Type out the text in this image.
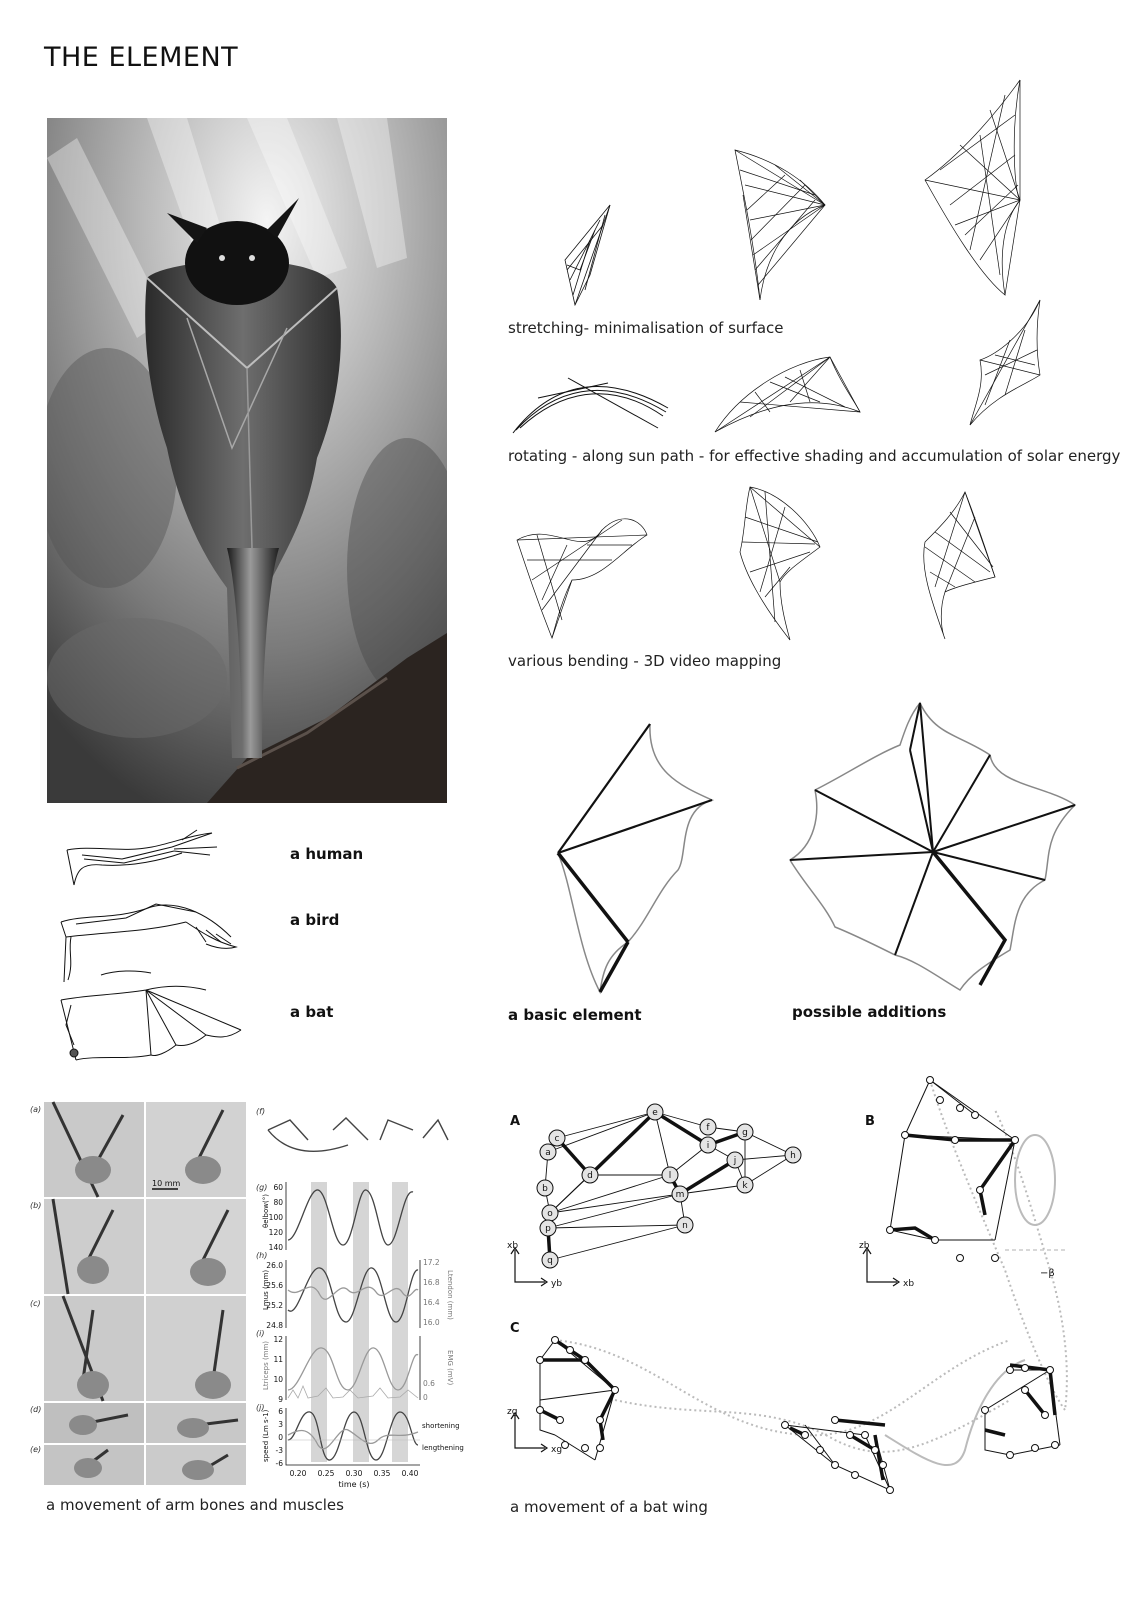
THE ELEMENT
stretching- minimalisation of surface
rotating - along sun path - for effective shading and accumulation of solar energy
various bending - 3D video mapping
a human
a bird
a bat	a basic element	possible additions
10 mm
(a)
(b)
(c)
(d)
(e)
(f)
(g)
(h)
(i)
(j)
60
80
100
120
140
26.0
25.6
25.2
24.8
17.2
16.8
16.4
16.0
12
11
10
9
0.6
0
6
3
0
-3
-6
0.20 0.25 0.30 0.35 0.40
time (s)
θelbow(°)
Lmus (mm)	Ltendon (mm)
Ltriceps (mm)	EMG (mV)
speed (Lm s-1)	shortening
lengthening
a movement of arm bones and muscles
A
a
b
c
d
e
f	g
h
i
j
k
l
m
n
o
p
q
xb
yb
B
zb
xb
−β
C
zg
xg
a movement of a bat wing
